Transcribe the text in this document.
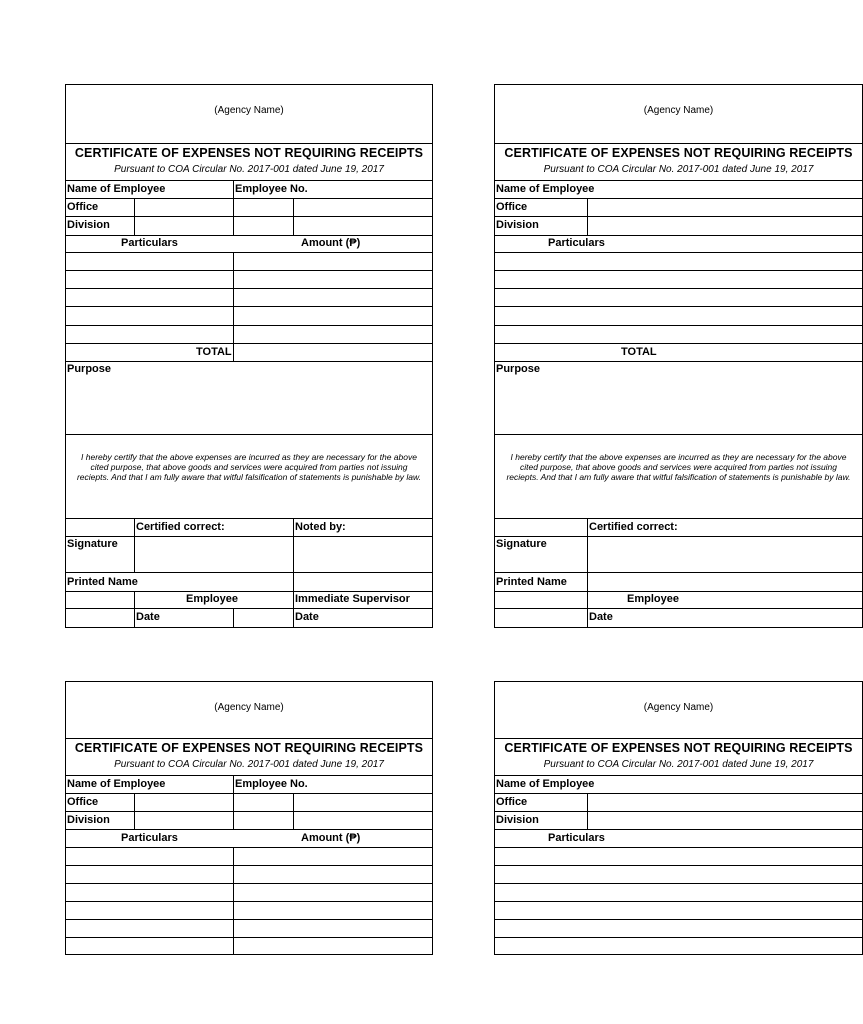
(Agency Name)
CERTIFICATE OF EXPENSES NOT REQUIRING RECEIPTS
Pursuant to COA Circular No. 2017-001 dated June 19, 2017
Name of Employee	Employee No.
Office
Division
Particulars	Amount (₱)
TOTAL
Purpose
I hereby certify that the above expenses are incurred as they are necessary for the above cited purpose, that above goods and services were acquired from parties not issuing reciepts. And that I am fully aware that witful falsification of statements is punishable by law.
Certified correct:	Noted by:
Signature
Printed Name
Employee	Immediate Supervisor
Date	Date
(Agency Name)
CERTIFICATE OF EXPENSES NOT REQUIRING RECEIPTS
Pursuant to COA Circular No. 2017-001 dated June 19, 2017
Name of Employee
Office
Division
Particulars
TOTAL
Purpose
I hereby certify that the above expenses are incurred as they are necessary for the above cited purpose, that above goods and services were acquired from parties not issuing reciepts. And that I am fully aware that witful falsification of statements is punishable by law.
Certified correct:
Signature
Printed Name
Employee
Date
(Agency Name)
CERTIFICATE OF EXPENSES NOT REQUIRING RECEIPTS
Pursuant to COA Circular No. 2017-001 dated June 19, 2017
Name of Employee	Employee No.
Office
Division
Particulars	Amount (₱)
(Agency Name)
CERTIFICATE OF EXPENSES NOT REQUIRING RECEIPTS
Pursuant to COA Circular No. 2017-001 dated June 19, 2017
Name of Employee
Office
Division
Particulars
